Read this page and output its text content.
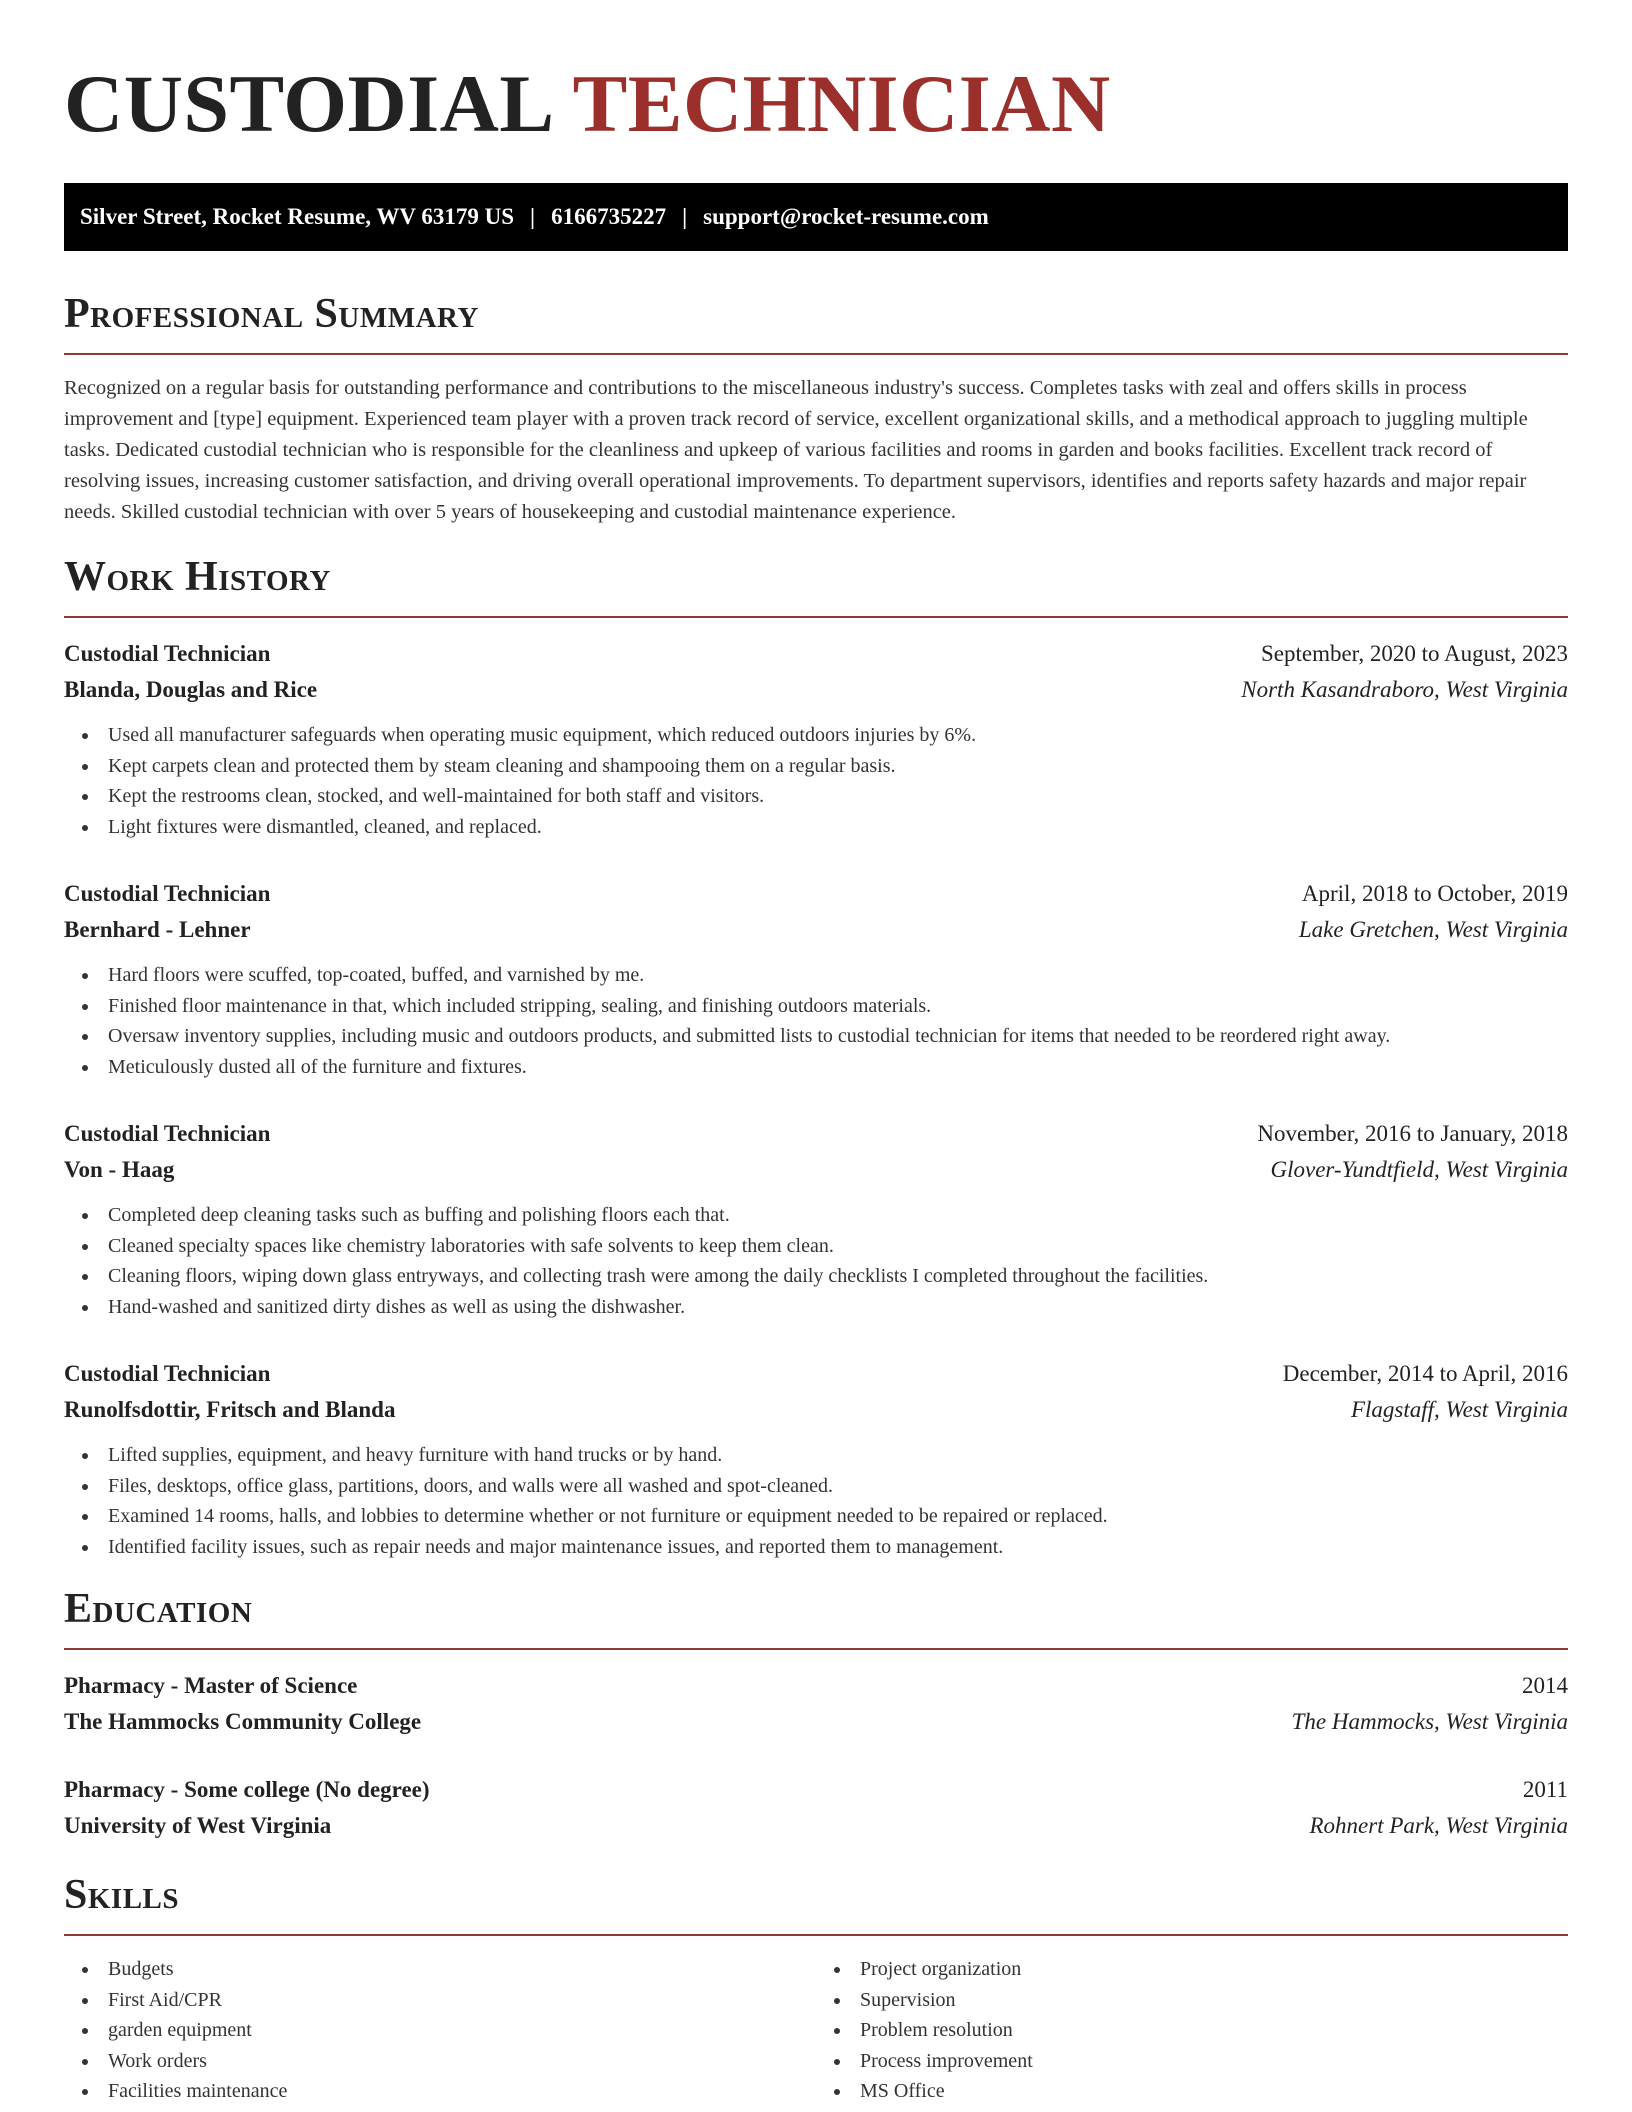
CUSTODIAL TECHNICIAN
Silver Street, Rocket Resume, WV 63179 US | 6166735227 | support@rocket-resume.com
Professional Summary

Recognized on a regular basis for outstanding performance and contributions to the miscellaneous industry's success. Completes tasks with zeal and offers skills in process improvement and [type] equipment. Experienced team player with a proven track record of service, excellent organizational skills, and a methodical approach to juggling multiple tasks. Dedicated custodial technician who is responsible for the cleanliness and upkeep of various facilities and rooms in garden and books facilities. Excellent track record of resolving issues, increasing customer satisfaction, and driving overall operational improvements. To department supervisors, identifies and reports safety hazards and major repair needs. Skilled custodial technician with over 5 years of housekeeping and custodial maintenance experience.

Work History
Custodial Technician	September, 2020 to August, 2023
Blanda, Douglas and Rice	North Kasandraboro, West Virginia
Used all manufacturer safeguards when operating music equipment, which reduced outdoors injuries by 6%.
Kept carpets clean and protected them by steam cleaning and shampooing them on a regular basis.
Kept the restrooms clean, stocked, and well-maintained for both staff and visitors.
Light fixtures were dismantled, cleaned, and replaced.
Custodial Technician	April, 2018 to October, 2019
Bernhard - Lehner	Lake Gretchen, West Virginia
Hard floors were scuffed, top-coated, buffed, and varnished by me.
Finished floor maintenance in that, which included stripping, sealing, and finishing outdoors materials.
Oversaw inventory supplies, including music and outdoors products, and submitted lists to custodial technician for items that needed to be reordered right away.
Meticulously dusted all of the furniture and fixtures.
Custodial Technician	November, 2016 to January, 2018
Von - Haag	Glover-Yundtfield, West Virginia
Completed deep cleaning tasks such as buffing and polishing floors each that.
Cleaned specialty spaces like chemistry laboratories with safe solvents to keep them clean.
Cleaning floors, wiping down glass entryways, and collecting trash were among the daily checklists I completed throughout the facilities.
Hand-washed and sanitized dirty dishes as well as using the dishwasher.
Custodial Technician	December, 2014 to April, 2016
Runolfsdottir, Fritsch and Blanda	Flagstaff, West Virginia
Lifted supplies, equipment, and heavy furniture with hand trucks or by hand.
Files, desktops, office glass, partitions, doors, and walls were all washed and spot-cleaned.
Examined 14 rooms, halls, and lobbies to determine whether or not furniture or equipment needed to be repaired or replaced.
Identified facility issues, such as repair needs and major maintenance issues, and reported them to management.
Education
Pharmacy - Master of Science	2014
The Hammocks Community College	The Hammocks, West Virginia
Pharmacy - Some college (No degree)	2011
University of West Virginia	Rohnert Park, West Virginia
Skills
Budgets
First Aid/CPR
garden equipment
Work orders
Facilities maintenance
Project organization
Supervision
Problem resolution
Process improvement
MS Office
